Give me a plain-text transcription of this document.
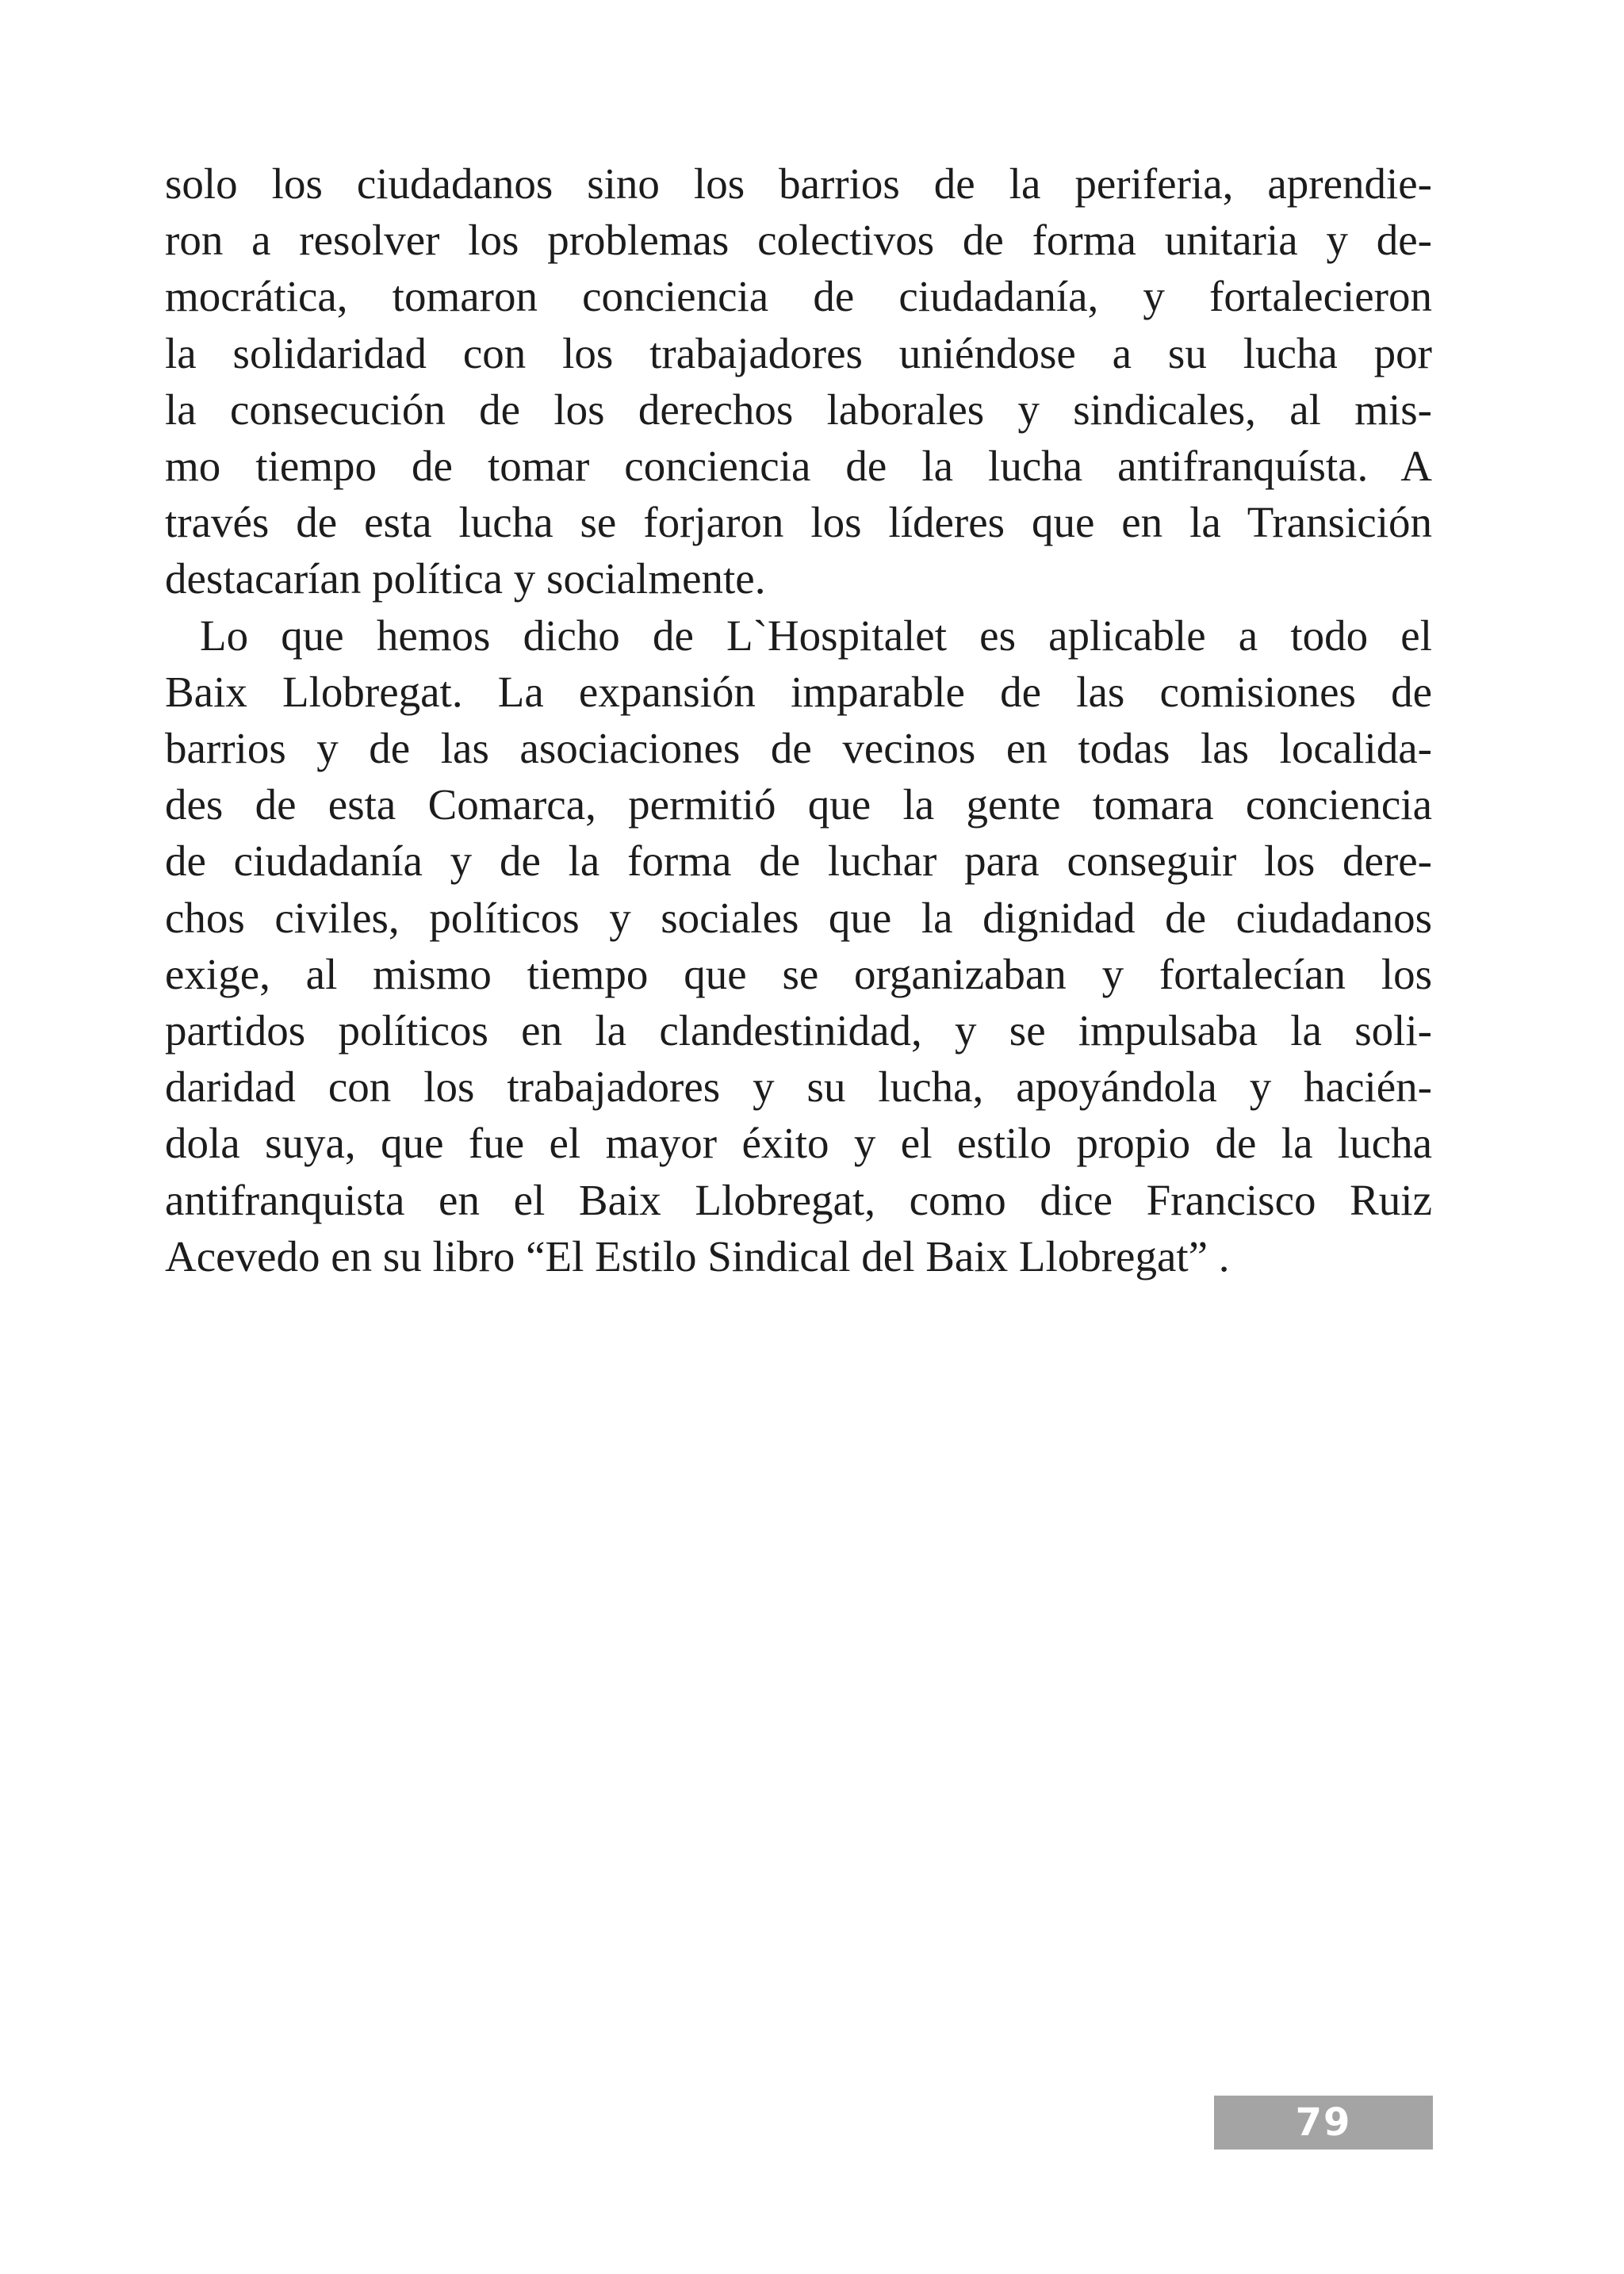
solo los ciudadanos sino los barrios de la periferia, aprendie-
ron a resolver los problemas colectivos de forma unitaria y de-
mocrática, tomaron conciencia de ciudadanía, y fortalecieron
la solidaridad con los trabajadores uniéndose a su lucha por
la consecución de los derechos laborales y sindicales, al mis-
mo tiempo de tomar conciencia de la lucha antifranquísta. A
través de esta lucha se forjaron los líderes que en la Transición
destacarían política y socialmente.
Lo que hemos dicho de L`Hospitalet es aplicable a todo el
Baix Llobregat. La expansión imparable de las comisiones de
barrios y de las asociaciones de vecinos en todas las localida-
des de esta Comarca, permitió que la gente tomara conciencia
de ciudadanía y de la forma de luchar para conseguir los dere-
chos civiles, políticos y sociales que la dignidad de ciudadanos
exige, al mismo tiempo que se organizaban y fortalecían los
partidos políticos en la clandestinidad, y se impulsaba la soli-
daridad con los trabajadores y su lucha, apoyándola y hacién-
dola suya, que fue el mayor éxito y el estilo propio de la lucha
antifranquista en el Baix Llobregat, como dice Francisco Ruiz
Acevedo en su libro “El Estilo Sindical del Baix Llobregat” .
79
